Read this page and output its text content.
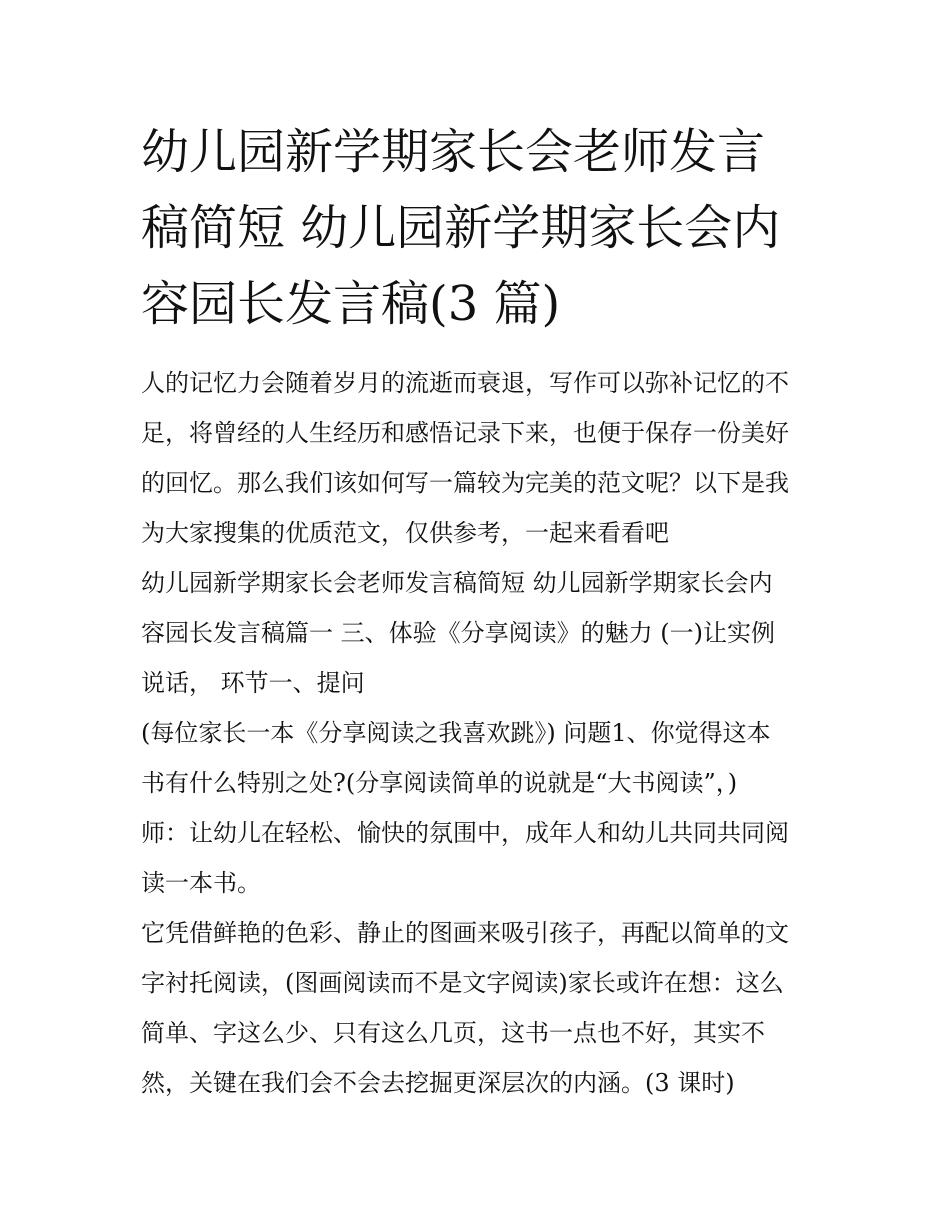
幼儿园新学期家长会老师发言
稿简短 幼儿园新学期家长会内
容园长发言稿(3 篇)
人的记忆力会随着岁月的流逝而衰退，写作可以弥补记忆的不
足，将曾经的人生经历和感悟记录下来，也便于保存一份美好
的回忆。那么我们该如何写一篇较为完美的范文呢？以下是我
为大家搜集的优质范文，仅供参考，一起来看看吧
幼儿园新学期家长会老师发言稿简短 幼儿园新学期家长会内
容园长发言稿篇一 三、体验《分享阅读》的魅力 (一)让实例
说话， 环节一、提问
(每位家长一本《分享阅读之我喜欢跳》) 问题1、你觉得这本
书有什么特别之处?(分享阅读简单的说就是“大书阅读”，)
师：让幼儿在轻松、愉快的氛围中，成年人和幼儿共同共同阅
读一本书。
它凭借鲜艳的色彩、静止的图画来吸引孩子，再配以简单的文
字衬托阅读，(图画阅读而不是文字阅读)家长或许在想：这么
简单、字这么少、只有这么几页，这书一点也不好，其实不
然，关键在我们会不会去挖掘更深层次的内涵。(3 课时)
